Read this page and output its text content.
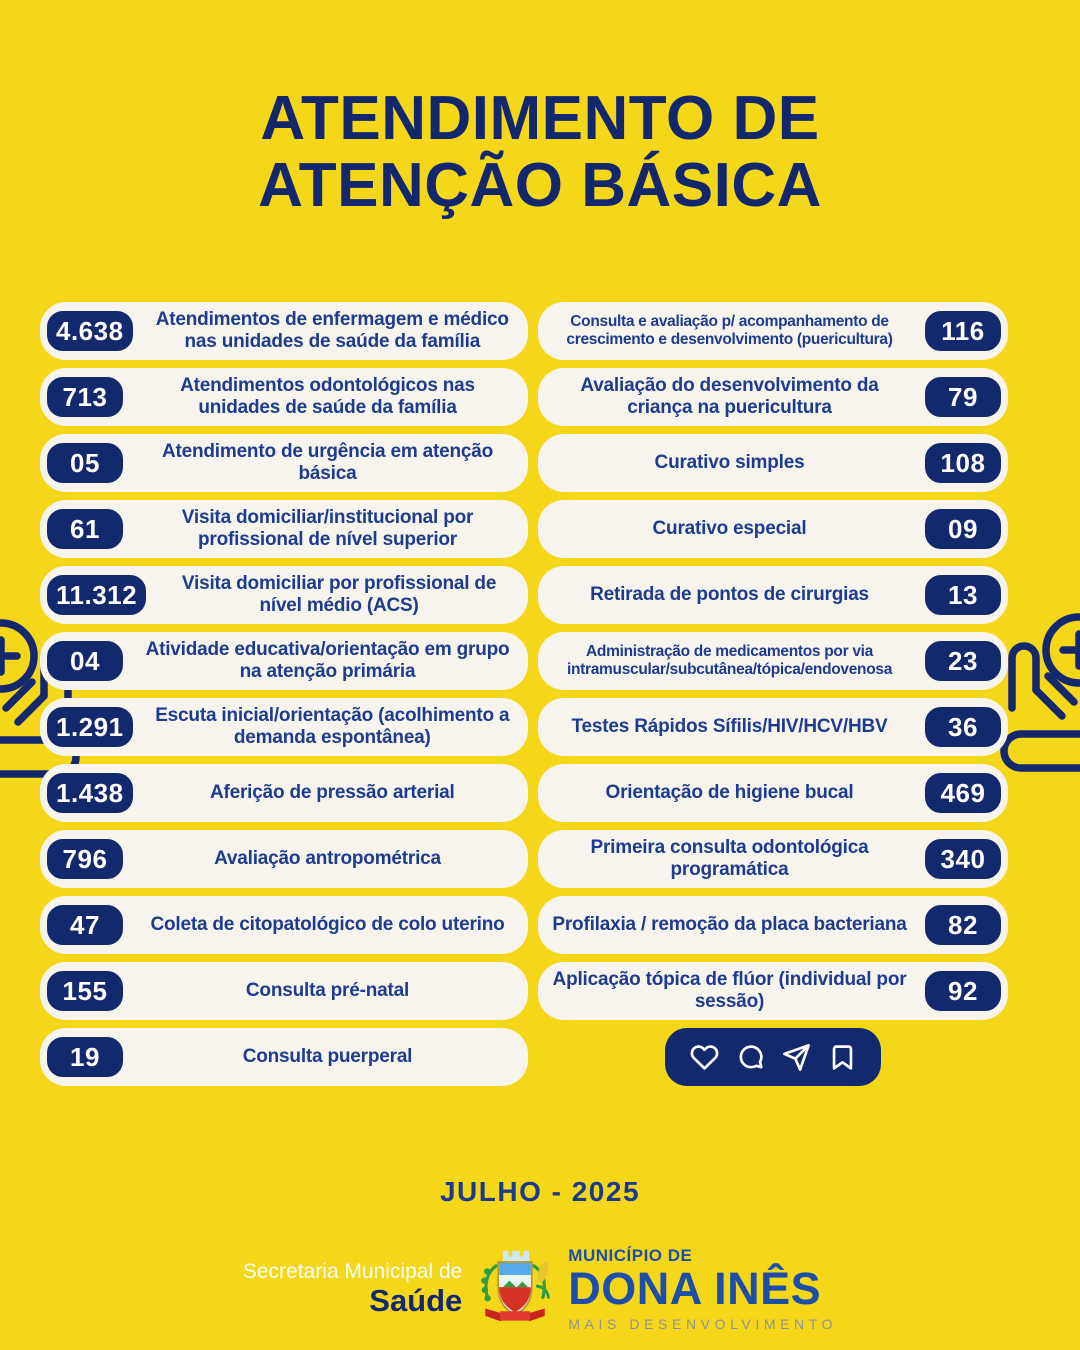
ATENDIMENTO DE
ATENÇÃO BÁSICA
4.638	Atendimentos de enfermagem e médico nas unidades de saúde da família
713	Atendimentos odontológicos nas unidades de saúde da família
05	Atendimento de urgência em atenção básica
61	Visita domiciliar/institucional por profissional de nível superior
11.312	Visita domiciliar por profissional de nível médio (ACS)
04	Atividade educativa/orientação em grupo na atenção primária
1.291	Escuta inicial/orientação (acolhimento a demanda espontânea)
1.438	Aferição de pressão arterial
796	Avaliação antropométrica
47	Coleta de citopatológico de colo uterino
155	Consulta pré-natal
19	Consulta puerperal
Consulta e avaliação p/ acompanhamento de crescimento e desenvolvimento (puericultura)	116
Avaliação do desenvolvimento da criança na puericultura	79
Curativo simples	108
Curativo especial	09
Retirada de pontos de cirurgias	13
Administração de medicamentos por via intramuscular/subcutânea/tópica/endovenosa	23
Testes Rápidos Sífilis/HIV/HCV/HBV	36
Orientação de higiene bucal	469
Primeira consulta odontológica programática	340
Profilaxia / remoção da placa bacteriana	82
Aplicação tópica de flúor (individual por sessão)	92
JULHO - 2025
Secretaria Municipal de
Saúde
MUNICÍPIO DE
DONA INÊS
MAIS DESENVOLVIMENTO
